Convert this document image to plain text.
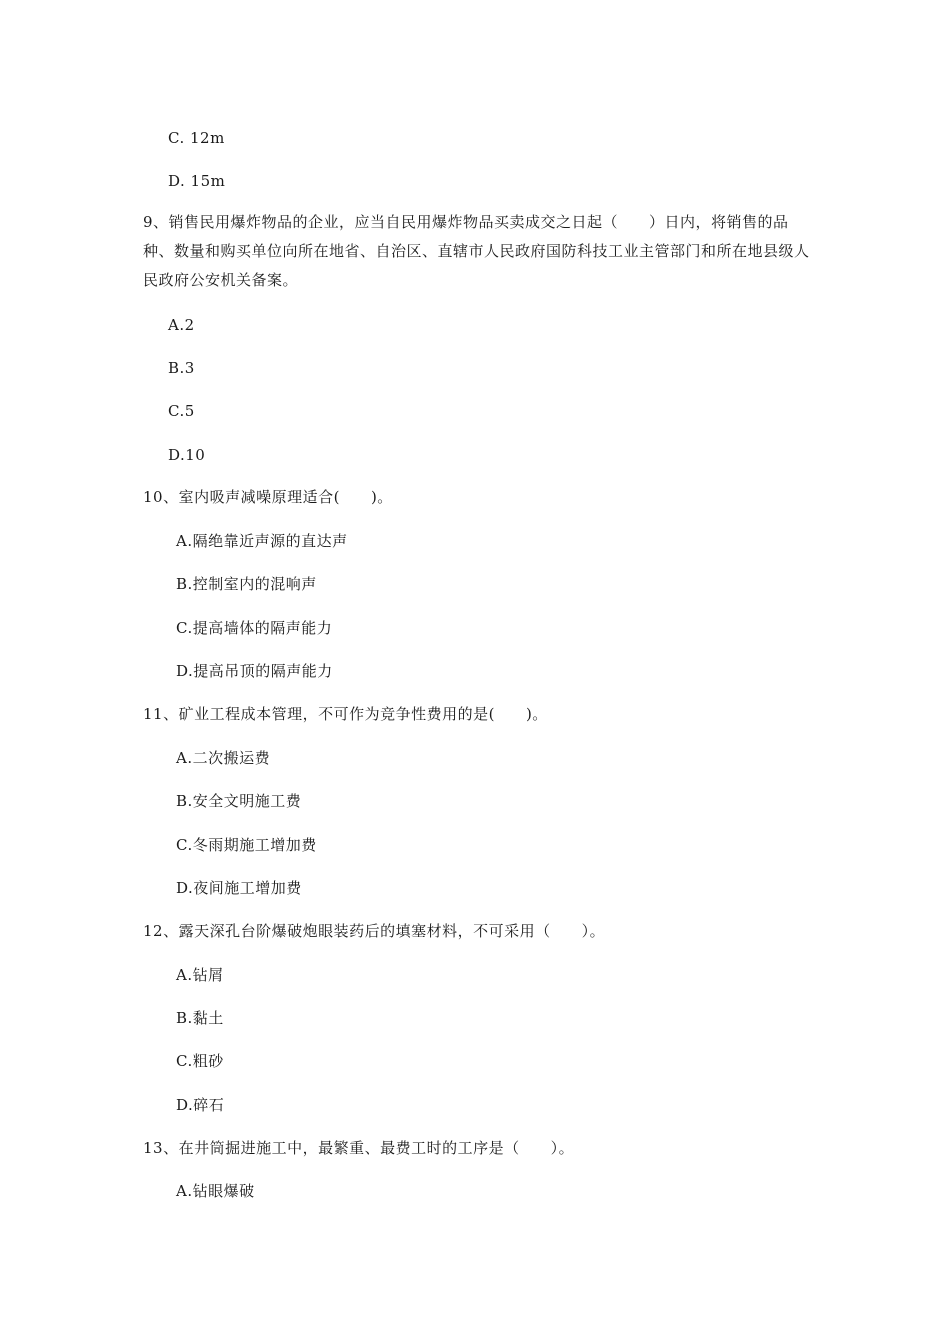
C. 12m
D. 15m
9、销售民用爆炸物品的企业，应当自民用爆炸物品买卖成交之日起（　　）日内，将销售的品种、数量和购买单位向所在地省、自治区、直辖市人民政府国防科技工业主管部门和所在地县级人民政府公安机关备案。
A.2
B.3
C.5
D.10
10、室内吸声减噪原理适合(　　)。
A.隔绝靠近声源的直达声
B.控制室内的混响声
C.提高墙体的隔声能力
D.提高吊顶的隔声能力
11、矿业工程成本管理，不可作为竞争性费用的是(　　)。
A.二次搬运费
B.安全文明施工费
C.冬雨期施工增加费
D.夜间施工增加费
12、露天深孔台阶爆破炮眼装药后的填塞材料，不可采用（　　）。
A.钻屑
B.黏土
C.粗砂
D.碎石
13、在井筒掘进施工中，最繁重、最费工时的工序是（　　）。
A.钻眼爆破
